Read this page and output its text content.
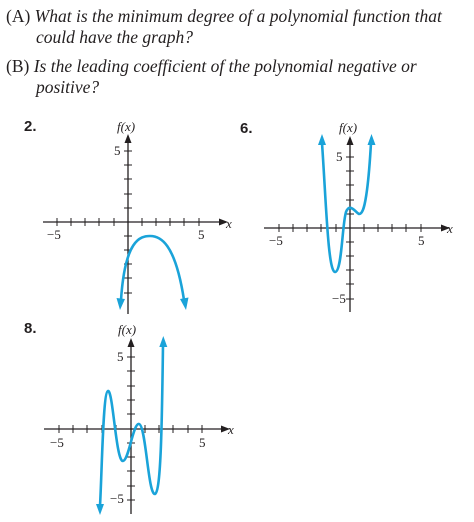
(A) What is the minimum degree of a polynomial function that
could have the graph?
(B) Is the leading coefficient of the polynomial negative or
positive?
2.	6.
8.
f(x)
x
−5	5
5
f(x)
x
−5	5
5
−5
f(x)
x
−5	5
5
−5
